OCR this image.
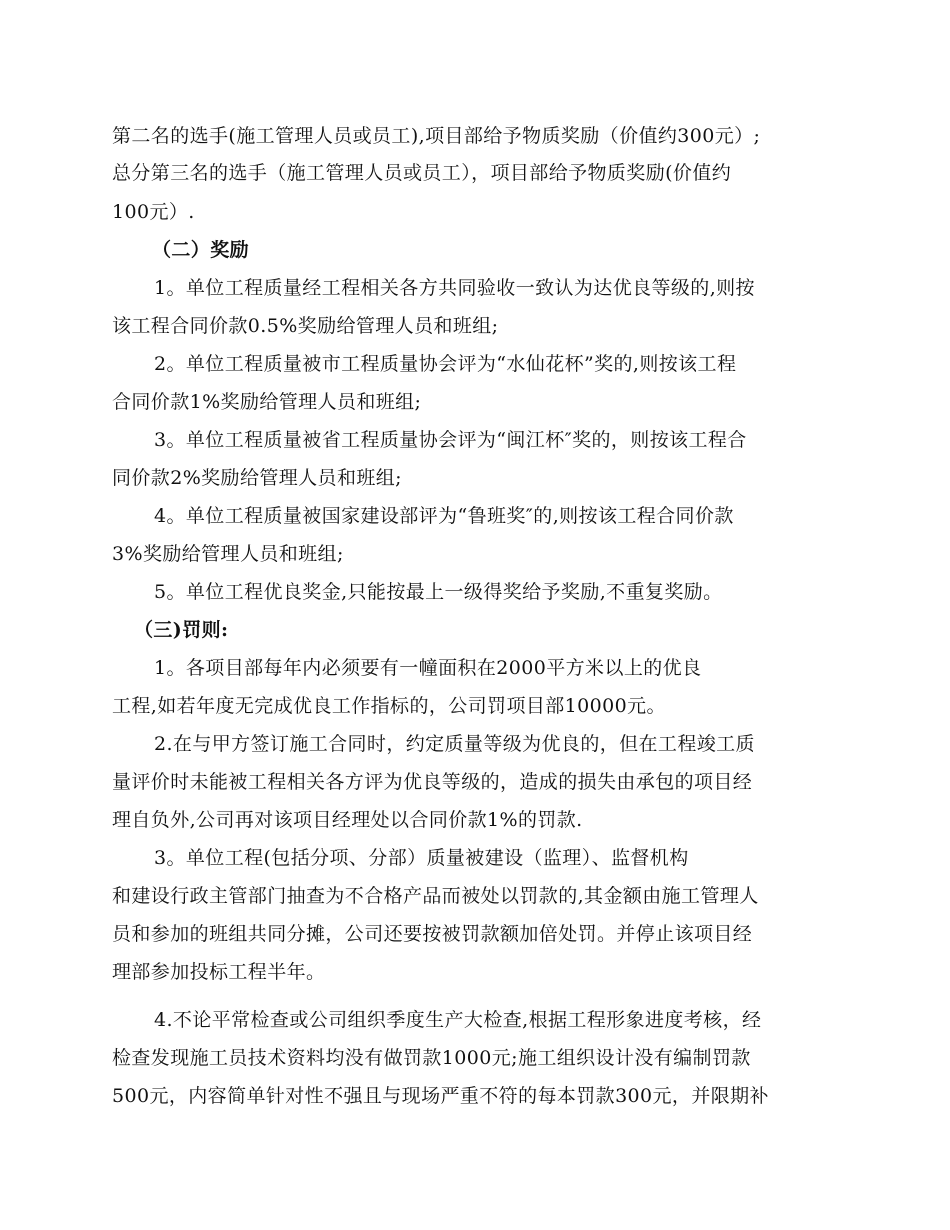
第二名的选手(施工管理人员或员工),项目部给予物质奖励（价值约300元）;
总分第三名的选手（施工管理人员或员工），项目部给予物质奖励(价值约
100元）.
（二）奖励
1。单位工程质量经工程相关各方共同验收一致认为达优良等级的,则按
该工程合同价款0.5%奖励给管理人员和班组;
2。单位工程质量被市工程质量协会评为“水仙花杯”奖的,则按该工程
合同价款1%奖励给管理人员和班组;
3。单位工程质量被省工程质量协会评为“闽江杯″奖的，则按该工程合
同价款2%奖励给管理人员和班组;
4。单位工程质量被国家建设部评为“鲁班奖″的,则按该工程合同价款
3%奖励给管理人员和班组;
5。单位工程优良奖金,只能按最上一级得奖给予奖励,不重复奖励。
（三)罚则:
1。各项目部每年内必须要有一幢面积在2000平方米以上的优良
工程,如若年度无完成优良工作指标的，公司罚项目部10000元。
2.在与甲方签订施工合同时，约定质量等级为优良的，但在工程竣工质
量评价时未能被工程相关各方评为优良等级的，造成的损失由承包的项目经
理自负外,公司再对该项目经理处以合同价款1%的罚款.
3。单位工程(包括分项、分部）质量被建设（监理）、监督机构
和建设行政主管部门抽查为不合格产品而被处以罚款的,其金额由施工管理人
员和参加的班组共同分摊，公司还要按被罚款额加倍处罚。并停止该项目经
理部参加投标工程半年。
4.不论平常检查或公司组织季度生产大检查,根据工程形象进度考核，经
检查发现施工员技术资料均没有做罚款1000元;施工组织设计没有编制罚款
500元，内容简单针对性不强且与现场严重不符的每本罚款300元，并限期补
